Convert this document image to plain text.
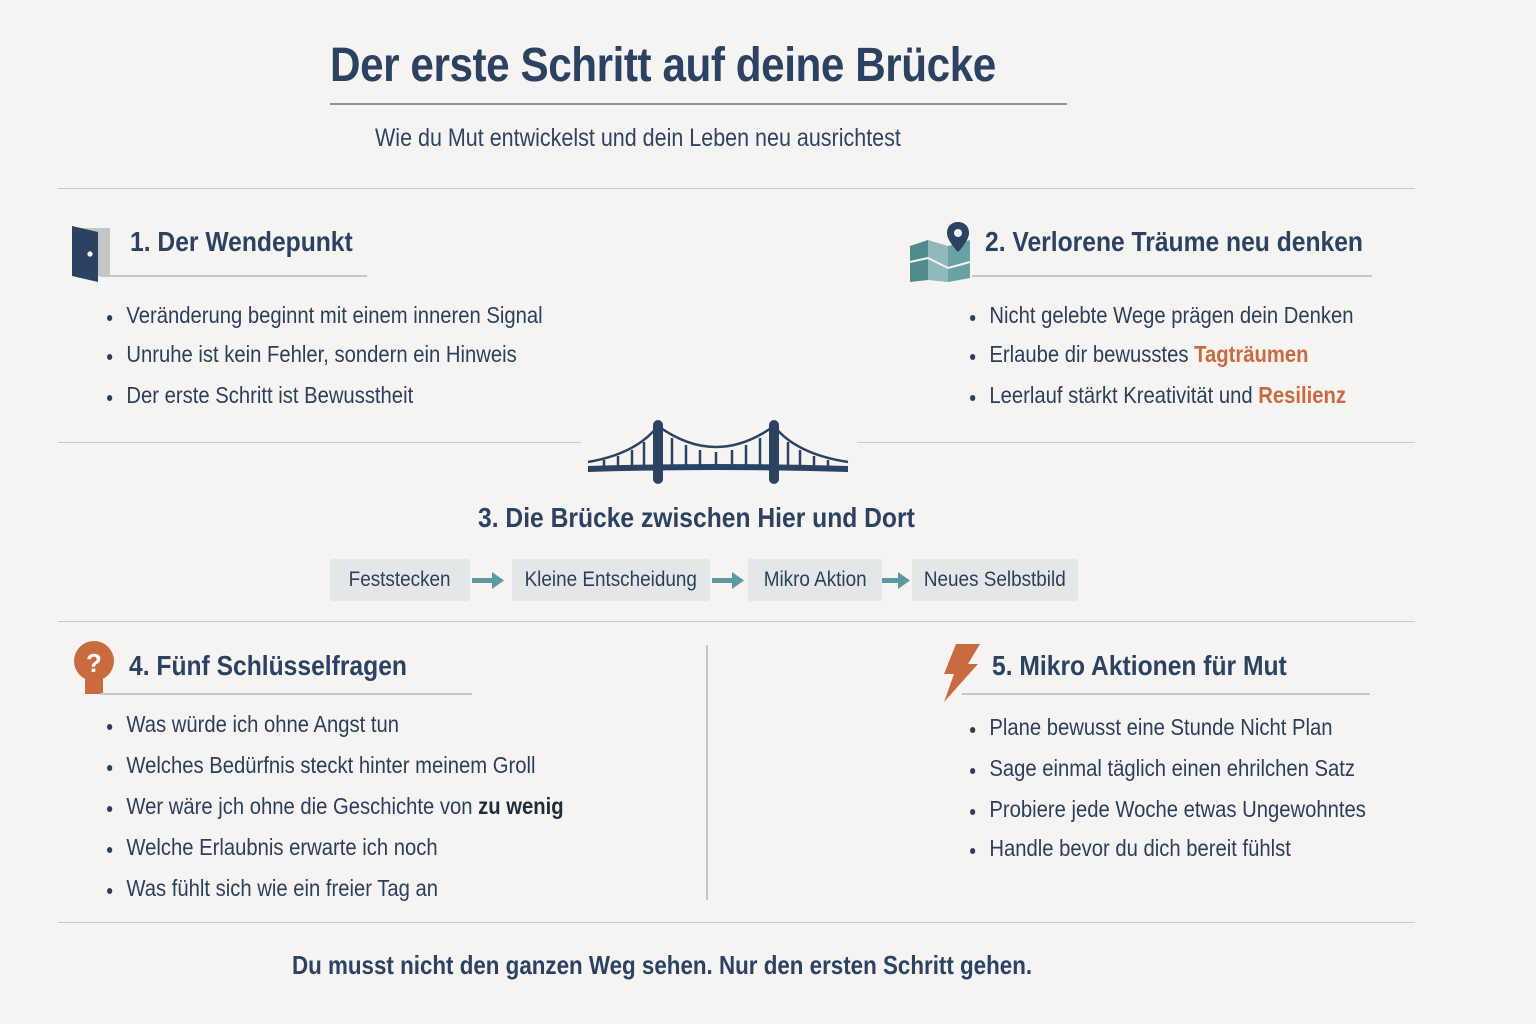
Der erste Schritt auf deine Brücke
Wie du Mut entwickelst und dein Leben neu ausrichtest
1. Der Wendepunkt
Veränderung beginnt mit einem inneren Signal
Unruhe ist kein Fehler, sondern ein Hinweis
Der erste Schritt ist Bewusstheit
2. Verlorene Träume neu denken
Nicht gelebte Wege prägen dein Denken
Erlaube dir bewusstes Tagträumen
Leerlauf stärkt Kreativität und Resilienz
3. Die Brücke zwischen Hier und Dort
Feststecken	Kleine Entscheidung	Mikro Aktion	Neues Selbstbild
? 4. Fünf Schlüsselfragen
Was würde ich ohne Angst tun
Welches Bedürfnis steckt hinter meinem Groll
Wer wäre jch ohne die Geschichte von zu wenig
Welche Erlaubnis erwarte ich noch
Was fühlt sich wie ein freier Tag an
5. Mikro Aktionen für Mut
Plane bewusst eine Stunde Nicht Plan
Sage einmal täglich einen ehrilchen Satz
Probiere jede Woche etwas Ungewohntes
Handle bevor du dich bereit fühlst
Du musst nicht den ganzen Weg sehen. Nur den ersten Schritt gehen.
